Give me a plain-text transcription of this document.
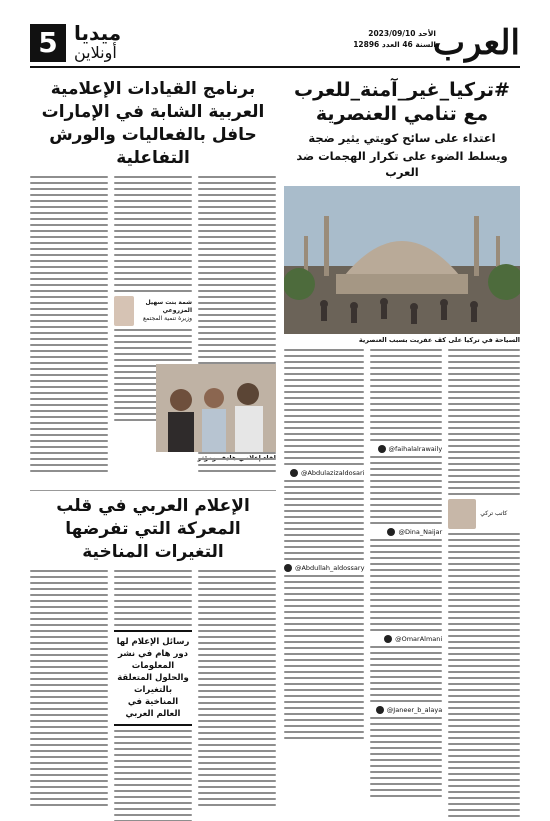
العرب
الأحد 2023/09/10
السنة 46 العدد 12896
ميديا
أونلاين
5
#تركيا_غير_آمنة_للعرب
مع تنامي العنصرية
اعتداء على سائح كويتي يثير ضجة
ويسلط الضوء على تكرار الهجمات ضد العرب
السياحة في تركيا على كف عفريت بسبب العنصرية
كاتب تركي
@faihalalrawaily
@Dina_Naijar
@OmarAlmani
@Janeer_b_alaya
@Abdulazizaldosari
@Abdullah_aldossary
برنامج القيادات الإعلامية العربية الشابة في الإمارات حافل بالفعاليات والورش التفاعلية
شمة بنت سهيل المزروعي
وزيرة تنمية المجتمع
الإعلام العربي في قلب المعركة التي تفرضها التغيرات المناخية
رسائل الإعلام لها دور هام في نشر المعلومات والحلول المتعلقة بالتغيرات المناخية في العالم العربي
